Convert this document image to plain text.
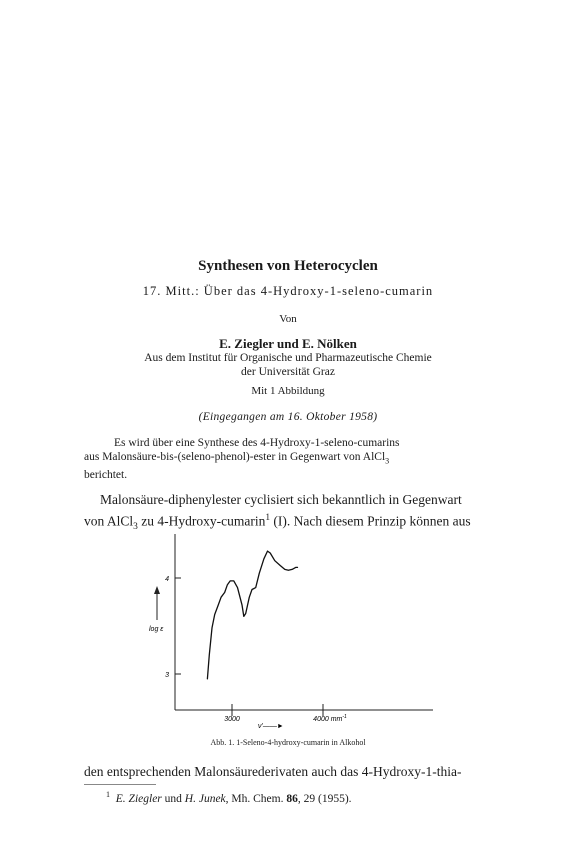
Synthesen von Heterocyclen
17. Mitt.: Über das 4-Hydroxy-1-seleno-cumarin
Von
E. Ziegler und E. Nölken
Aus dem Institut für Organische und Pharmazeutische Chemie
der Universität Graz
Mit 1 Abbildung
(Eingegangen am 16. Oktober 1958)
Es wird über eine Synthese des 4-Hydroxy-1-seleno-cumarins
aus Malonsäure-bis-(seleno-phenol)-ester in Gegenwart von AlCl$_3$
berichtet.
Malonsäure-diphenylester cyclisiert sich bekanntlich in Gegenwart
von AlCl$_3$ zu 4-Hydroxy-cumarin$^1$ (I). Nach diesem Prinzip können aus
4
3
log ε
3000	4000 $mm^{-1}$
ν'——►
Abb. 1. 1-Seleno-4-hydroxy-cumarin in Alkohol
den entsprechenden Malonsäurederivaten auch das 4-Hydroxy-1-thia-
$^1$ E. Ziegler und H. Junek, Mh. Chem. 86, 29 (1955).
